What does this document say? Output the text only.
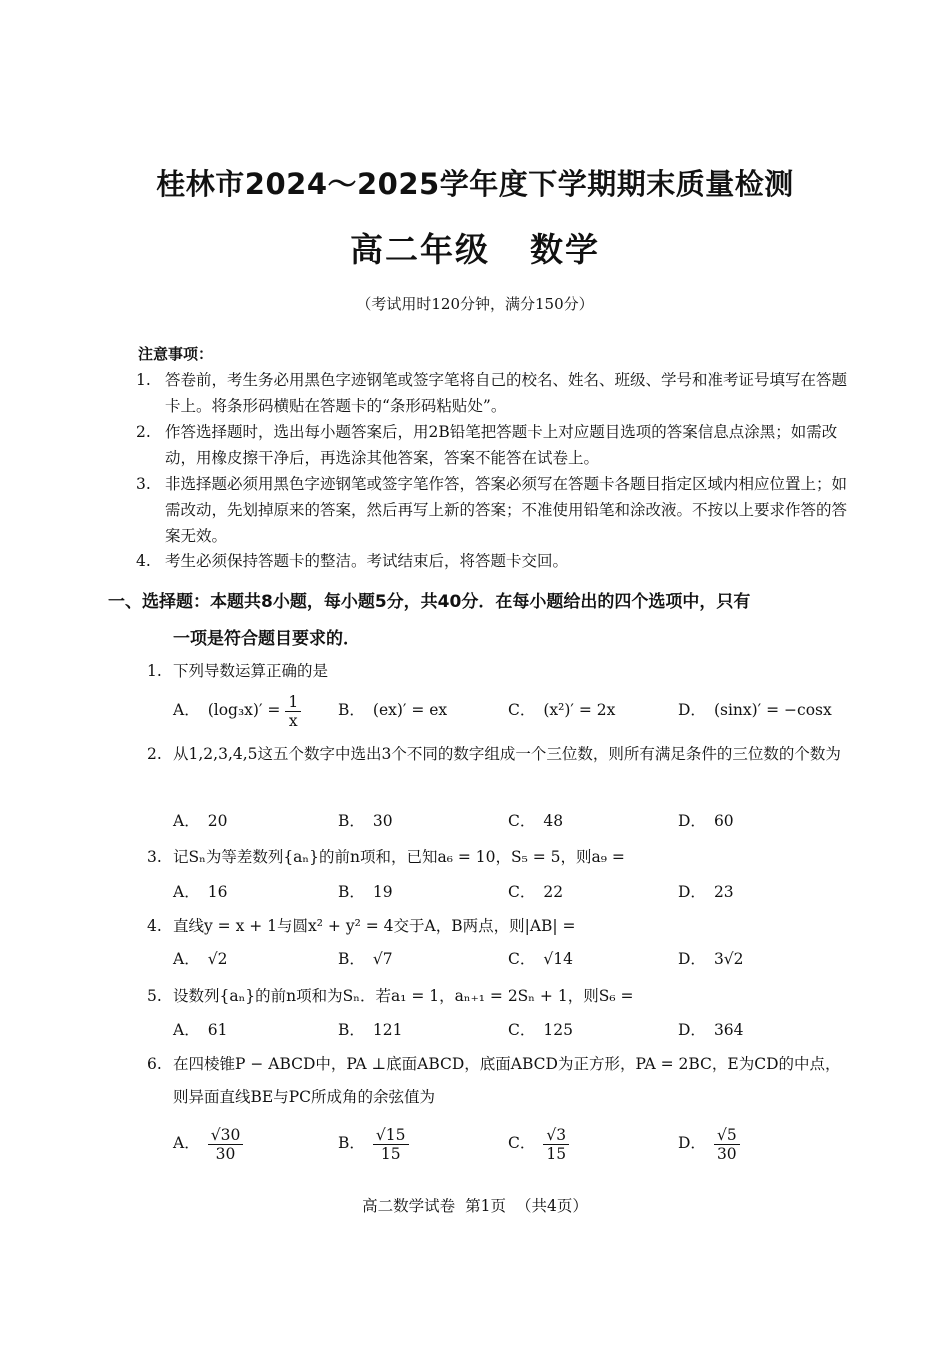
桂林市2024～2025学年度下学期期末质量检测
高二年级 数学
（考试用时120分钟，满分150分）
注意事项：
1. 答卷前，考生务必用黑色字迹钢笔或签字笔将自己的校名、姓名、班级、学号和准考证号填写在答题卡上。将条形码横贴在答题卡的“条形码粘贴处”。
2. 作答选择题时，选出每小题答案后，用2B铅笔把答题卡上对应题目选项的答案信息点涂黑；如需改动，用橡皮擦干净后，再选涂其他答案，答案不能答在试卷上。
3. 非选择题必须用黑色字迹钢笔或签字笔作答，答案必须写在答题卡各题目指定区域内相应位置上；如需改动，先划掉原来的答案，然后再写上新的答案；不准使用铅笔和涂改液。不按以上要求作答的答案无效。
4. 考生必须保持答题卡的整洁。考试结束后，将答题卡交回。
一、选择题：本题共8小题，每小题5分，共40分．在每小题给出的四个选项中，只有
一项是符合题目要求的．
1. 下列导数运算正确的是
A． $(\log_3x)' = \frac{1}{x}$ B． (ex)′ = ex	C． (x²)′ = 2x	D． (sinx)′ = −cosx
2. 从1,2,3,4,5这五个数字中选出3个不同的数字组成一个三位数，则所有满足条件的三位数的个数为
A． 20	B． 30	C． 48	D． 60
3. 记Sₙ为等差数列{aₙ}的前n项和，已知a₆ = 10，S₅ = 5，则a₉ =
A． 16	B． 19	C． 22	D． 23
4. 直线y = x + 1与圆x² + y² = 4交于A，B两点，则|AB| =
A． √2	B． √7	C． √14	D． 3√2
5. 设数列{aₙ}的前n项和为Sₙ．若a₁ = 1，aₙ₊₁ = 2Sₙ + 1，则S₆ =
A． 61	B． 121	C． 125	D． 364
6. 在四棱锥P − ABCD中，PA ⊥底面ABCD，底面ABCD为正方形，PA = 2BC，E为CD的中点，则异面直线BE与PC所成角的余弦值为
A． $\frac{√30}{30}$	B． $\frac{√15}{15}$	C． $\frac{√3}{15}$	D． $\frac{√5}{30}$
高二数学试卷 第1页 （共4页）
